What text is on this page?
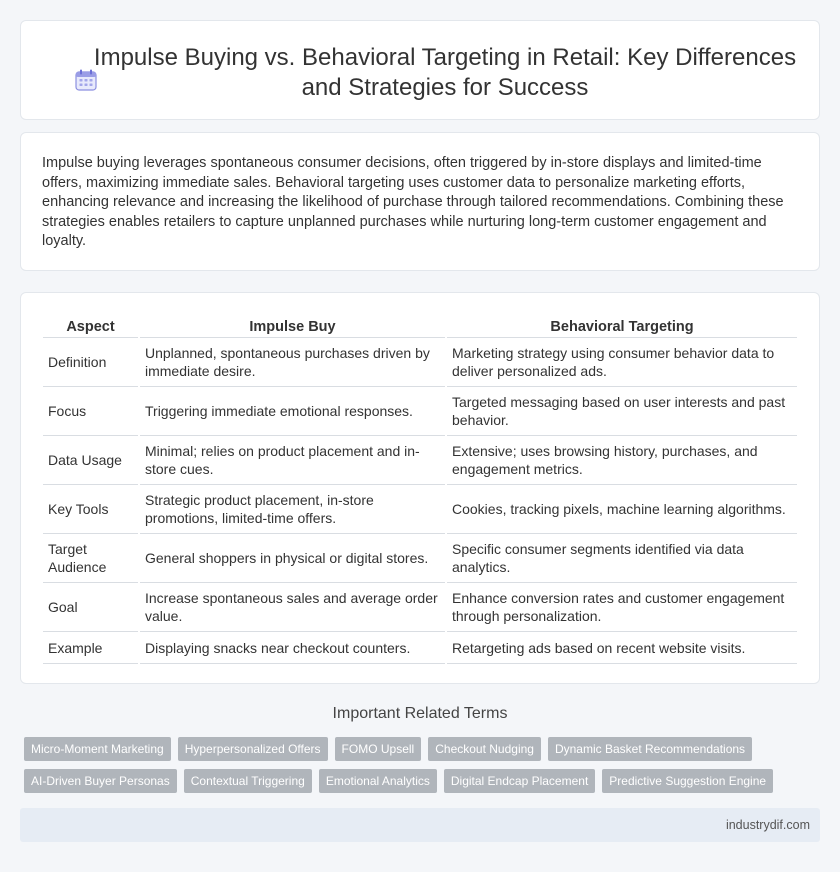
Impulse Buying vs. Behavioral Targeting in Retail: Key Differences and Strategies for Success

Impulse buying leverages spontaneous consumer decisions, often triggered by in-store displays and limited-time offers, maximizing immediate sales. Behavioral targeting uses customer data to personalize marketing efforts, enhancing relevance and increasing the likelihood of purchase through tailored recommendations. Combining these strategies enables retailers to capture unplanned purchases while nurturing long-term customer engagement and loyalty.

Aspect	Impulse Buy	Behavioral Targeting
Definition	Unplanned, spontaneous purchases driven by immediate desire.	Marketing strategy using consumer behavior data to deliver personalized ads.
Focus	Triggering immediate emotional responses.	Targeted messaging based on user interests and past behavior.
Data Usage	Minimal; relies on product placement and in-store cues.	Extensive; uses browsing history, purchases, and engagement metrics.
Key Tools	Strategic product placement, in-store promotions, limited-time offers.	Cookies, tracking pixels, machine learning algorithms.
Target Audience	General shoppers in physical or digital stores.	Specific consumer segments identified via data analytics.
Goal	Increase spontaneous sales and average order value.	Enhance conversion rates and customer engagement through personalization.
Example	Displaying snacks near checkout counters.	Retargeting ads based on recent website visits.
Important Related Terms
Micro-Moment Marketing	Hyperpersonalized Offers	FOMO Upsell	Checkout Nudging	Dynamic Basket Recommendations
AI-Driven Buyer Personas	Contextual Triggering	Emotional Analytics	Digital Endcap Placement	Predictive Suggestion Engine
industrydif.com
